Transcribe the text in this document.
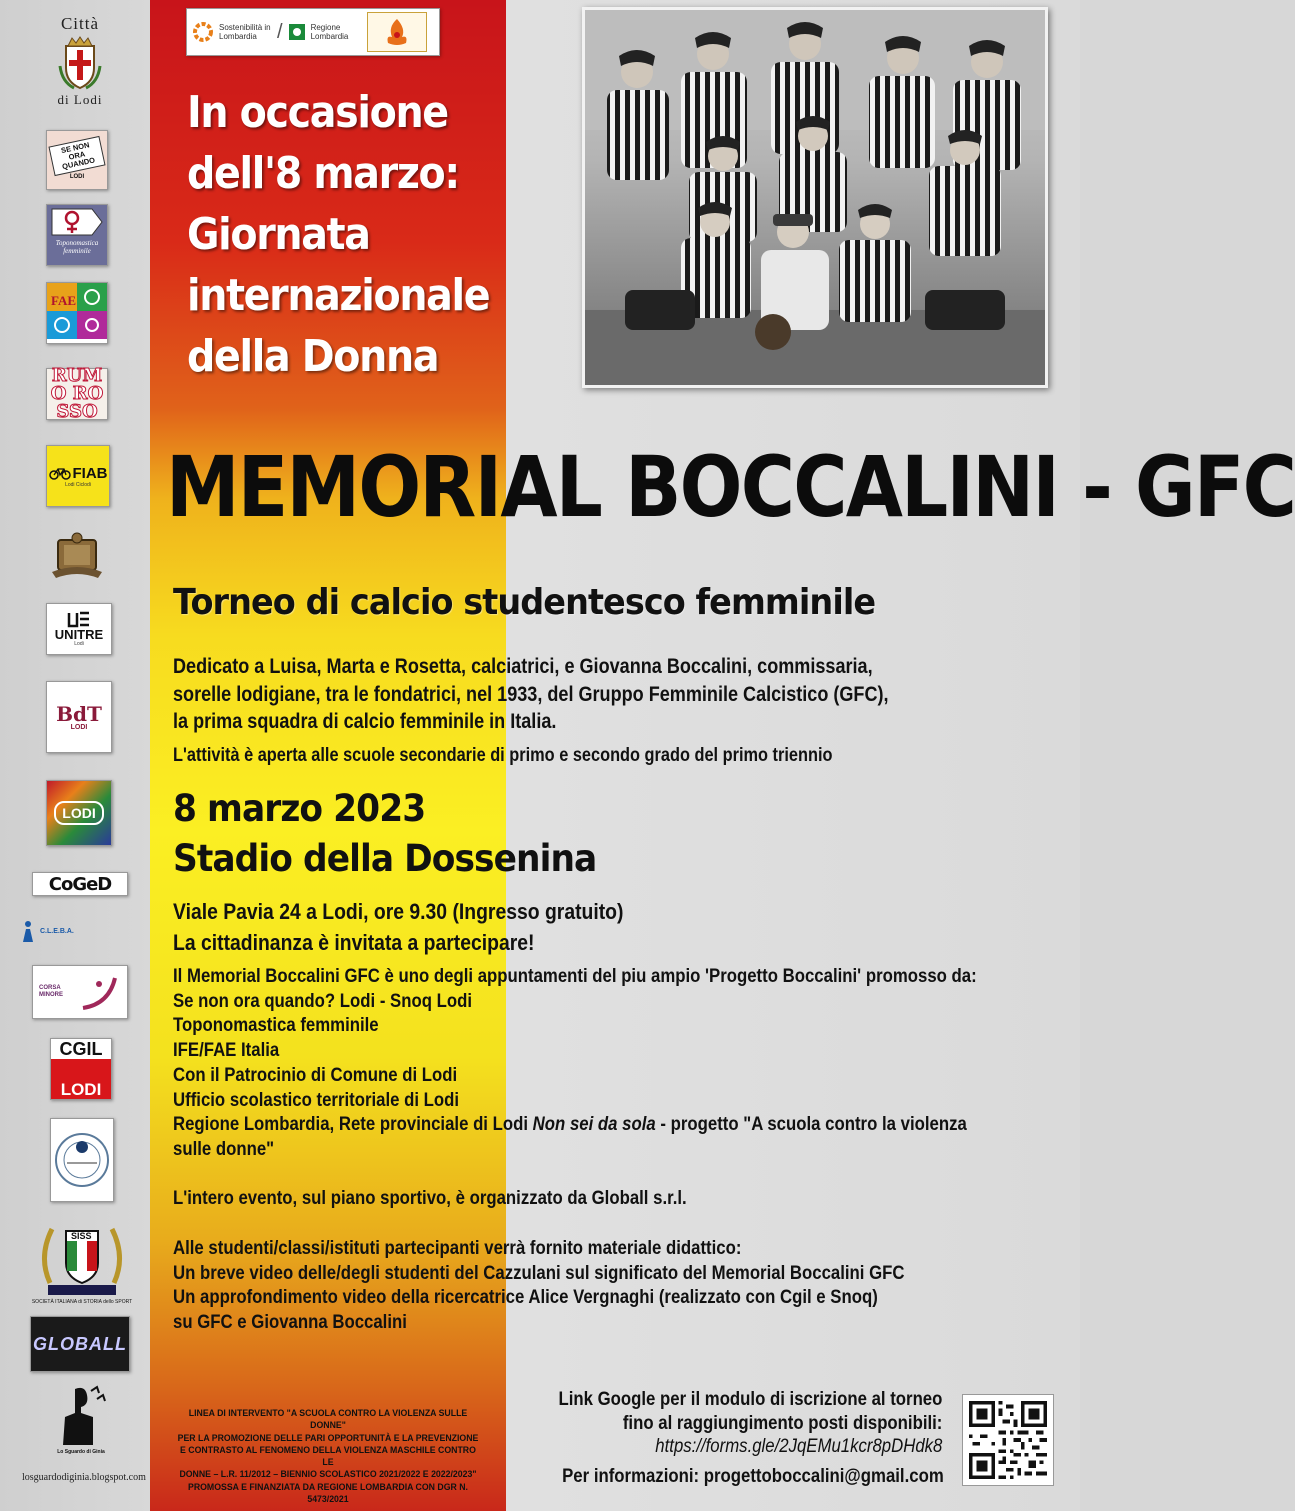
Città
di Lodi
SE NON ORA QUANDO
LODI
Toponomastica femminile
FAE
RUMO ROSSO
FIAB
Lodi Ciclodi
UNITRE
Lodi
BdT
LODI
LODI
CoGeD
C.L.E.B.A.
CORSA MINORE
CGIL
LODI
SISS
SOCIETÀ ITALIANA di STORIA dello SPORT
GLOBALL
Lo Sguardo di Ginia
losguardodiginia.blogspot.com
Sostenibilità in Lombardia	/	Regione Lombardia
In occasione
dell'8 marzo:
Giornata
internazionale
della Donna
MEMORIAL BOCCALINI - GFC
Torneo di calcio studentesco femminile
Dedicato a Luisa, Marta e Rosetta, calciatrici, e Giovanna Boccalini, commissaria,
sorelle lodigiane, tra le fondatrici, nel 1933, del Gruppo Femminile Calcistico (GFC),
la prima squadra di calcio femminile in Italia.
L'attività è aperta alle scuole secondarie di primo e secondo grado del primo triennio
8 marzo 2023
Stadio della Dossenina
Viale Pavia 24 a Lodi, ore 9.30 (Ingresso gratuito)
La cittadinanza è invitata a partecipare!
Il Memorial Boccalini GFC è uno degli appuntamenti del piu ampio 'Progetto Boccalini' promosso da:
Se non ora quando? Lodi - Snoq Lodi
Toponomastica femminile
IFE/FAE Italia
Con il Patrocinio di Comune di Lodi
Ufficio scolastico territoriale di Lodi
Regione Lombardia, Rete provinciale di Lodi Non sei da sola - progetto "A scuola contro la violenza
sulle donne"
L'intero evento, sul piano sportivo, è organizzato da Globall s.r.l.
Alle studenti/classi/istituti partecipanti verrà fornito materiale didattico:
Un breve video delle/degli studenti del Cazzulani sul significato del Memorial Boccalini GFC
Un approfondimento video della ricercatrice Alice Vergnaghi (realizzato con Cgil e Snoq)
su GFC e Giovanna Boccalini
LINEA DI INTERVENTO "A SCUOLA CONTRO LA VIOLENZA SULLE DONNE"
PER LA PROMOZIONE DELLE PARI OPPORTUNITÀ E LA PREVENZIONE
E CONTRASTO AL FENOMENO DELLA VIOLENZA MASCHILE CONTRO LE
DONNE – L.R. 11/2012 – BIENNIO SCOLASTICO 2021/2022 E 2022/2023"
PROMOSSA E FINANZIATA DA REGIONE LOMBARDIA CON DGR N. 5473/2021
Link Google per il modulo di iscrizione al torneo
fino al raggiungimento posti disponibili:
https://forms.gle/2JqEMu1kcr8pDHdk8
Per informazioni: progettoboccalini@gmail.com
